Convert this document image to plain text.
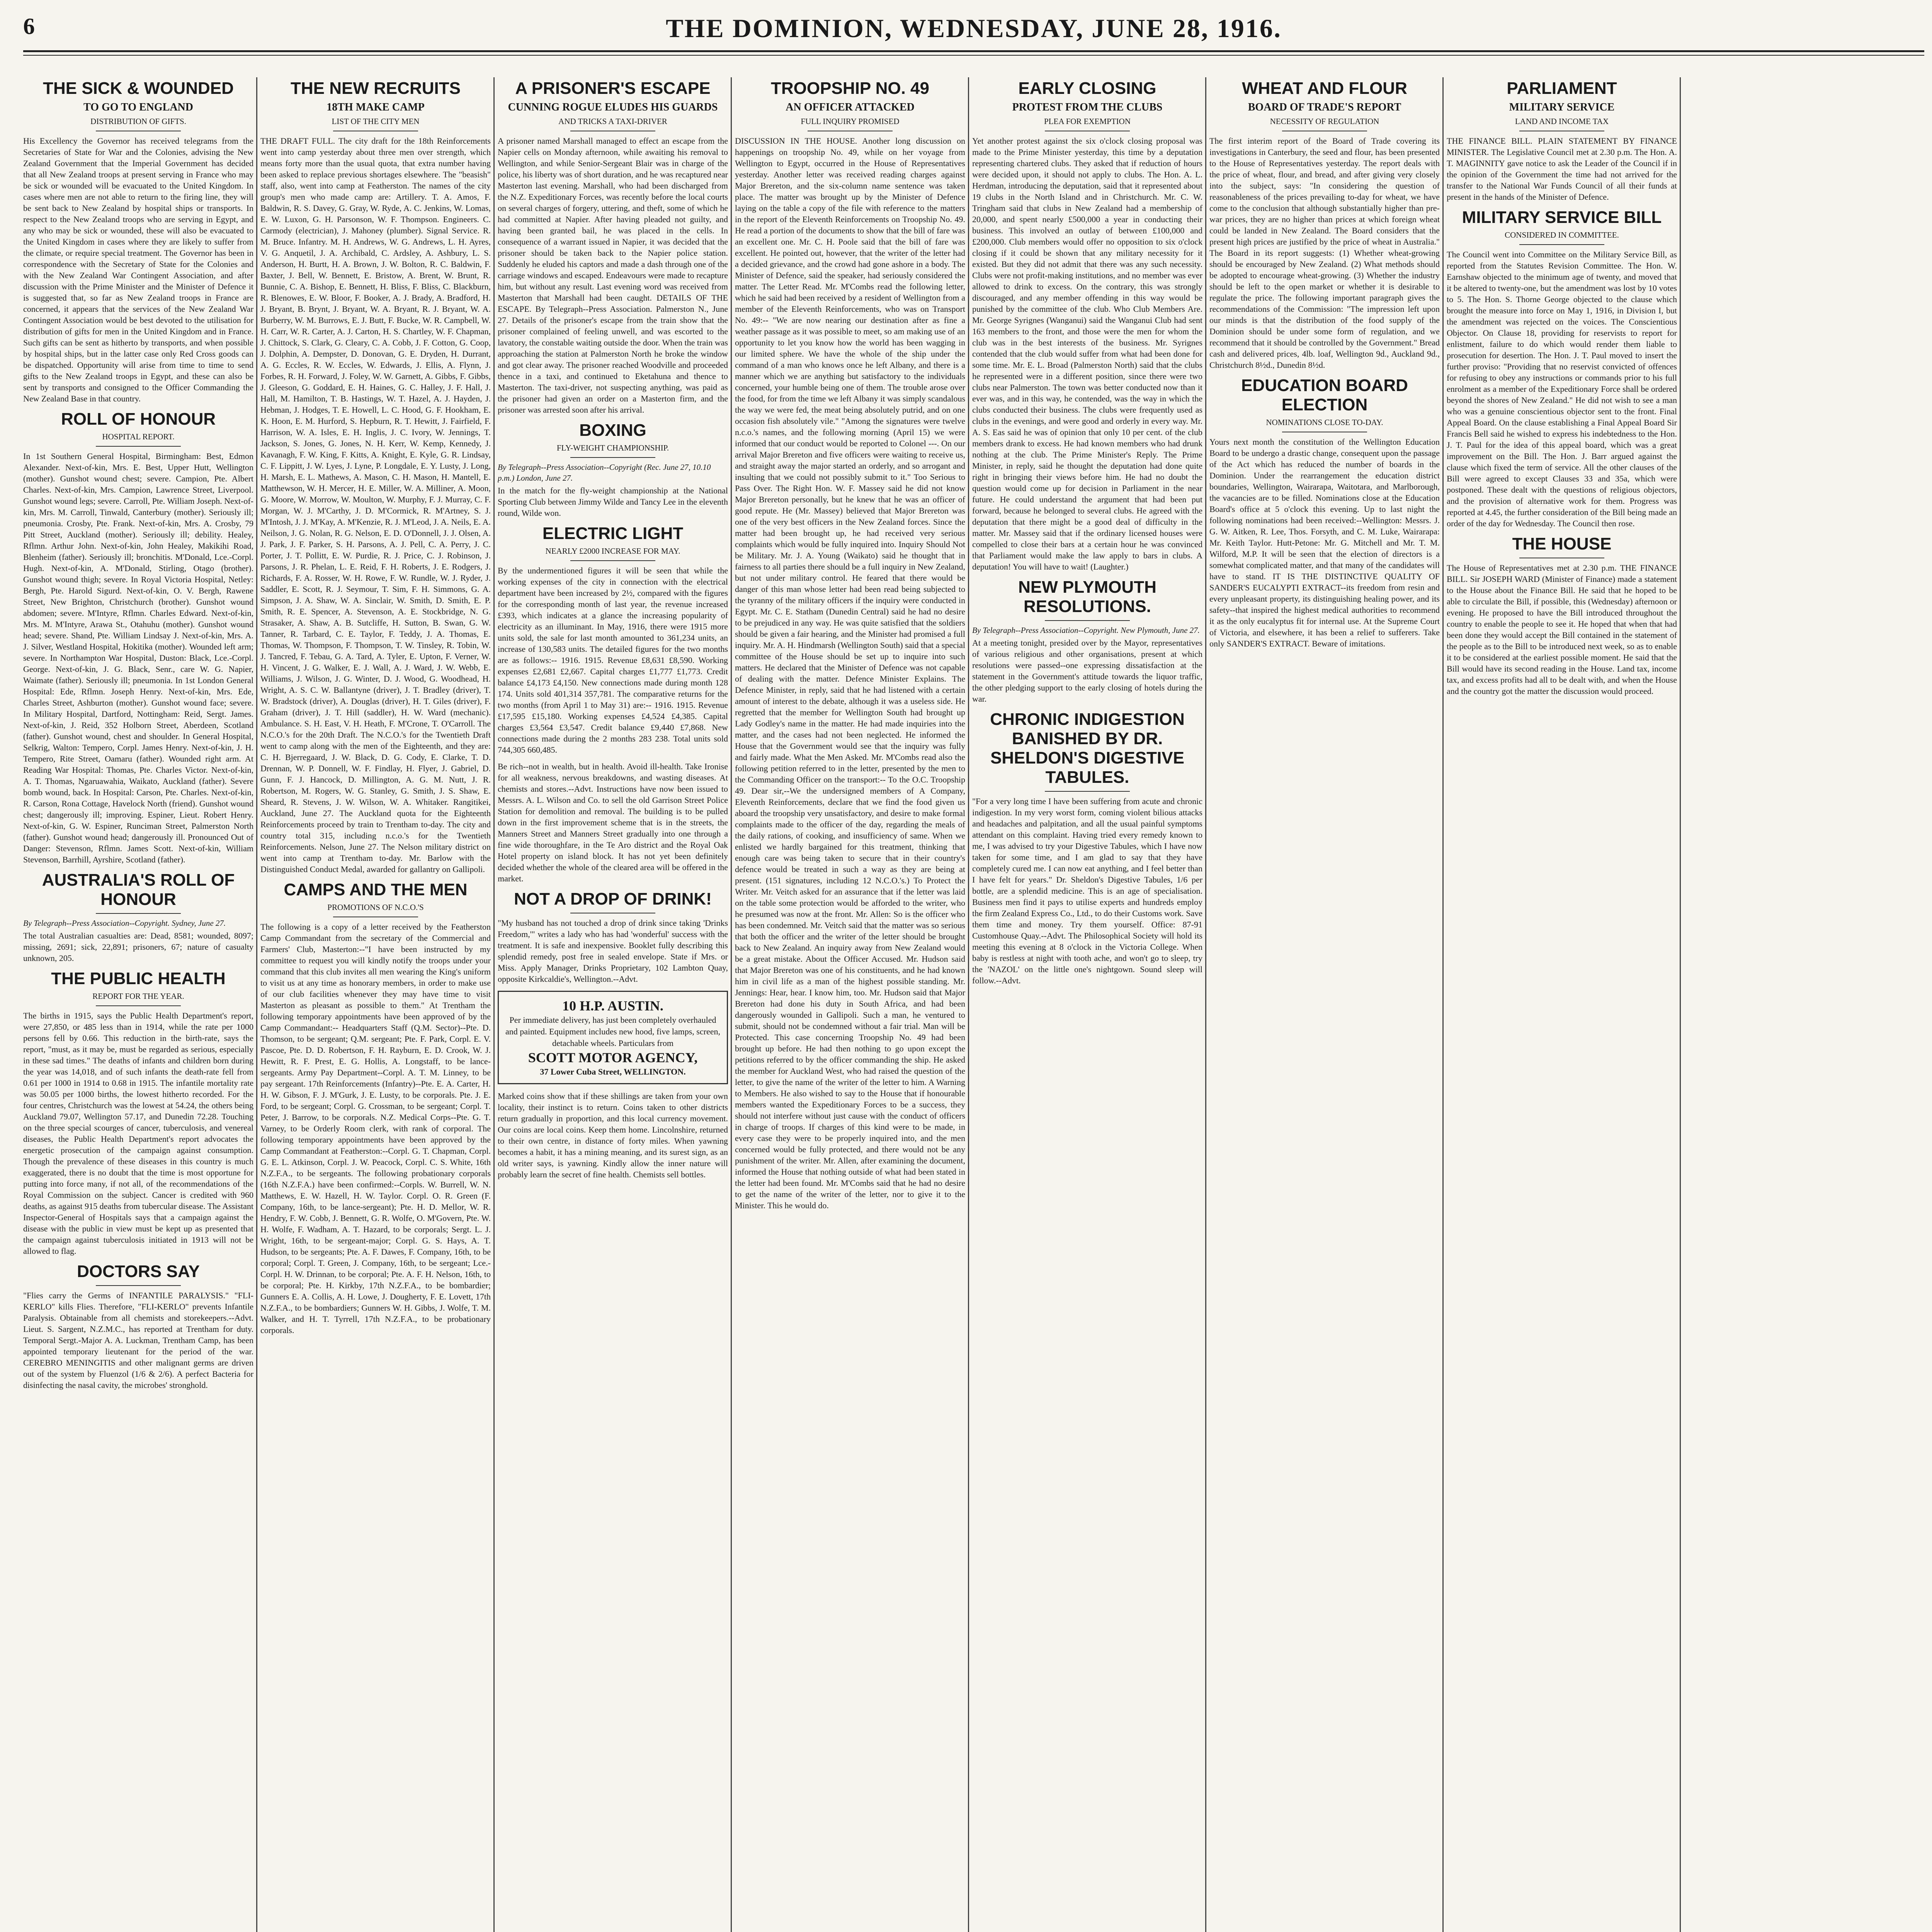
6	THE DOMINION, WEDNESDAY, JUNE 28, 1916.
THE SICK & WOUNDED
TO GO TO ENGLAND
DISTRIBUTION OF GIFTS.

His Excellency the Governor has received telegrams from the Secretaries of State for War and the Colonies, advising the New Zealand Government that the Imperial Government has decided that all New Zealand troops at present serving in France who may be sick or wounded will be evacuated to the United Kingdom. In cases where men are not able to return to the firing line, they will be sent back to New Zealand by hospital ships or transports. In respect to the New Zealand troops who are serving in Egypt, and any who may be sick or wounded, these will also be evacuated to the United Kingdom in cases where they are likely to suffer from the climate, or require special treatment. The Governor has been in correspondence with the Secretary of State for the Colonies and with the New Zealand War Contingent Association, and after discussion with the Prime Minister and the Minister of Defence it is suggested that, so far as New Zealand troops in France are concerned, it appears that the services of the New Zealand War Contingent Association would be best devoted to the utilisation for distribution of gifts for men in the United Kingdom and in France. Such gifts can be sent as hitherto by transports, and when possible by hospital ships, but in the latter case only Red Cross goods can be dispatched. Opportunity will arise from time to time to send gifts to the New Zealand troops in Egypt, and these can also be sent by transports and consigned to the Officer Commanding the New Zealand Base in that country.

ROLL OF HONOUR
HOSPITAL REPORT.

In 1st Southern General Hospital, Birmingham: Best, Edmon Alexander. Next-of-kin, Mrs. E. Best, Upper Hutt, Wellington (mother). Gunshot wound chest; severe. Campion, Pte. Albert Charles. Next-of-kin, Mrs. Campion, Lawrence Street, Liverpool. Gunshot wound legs; severe. Carroll, Pte. William Joseph. Next-of-kin, Mrs. M. Carroll, Tinwald, Canterbury (mother). Seriously ill; pneumonia. Crosby, Pte. Frank. Next-of-kin, Mrs. A. Crosby, 79 Pitt Street, Auckland (mother). Seriously ill; debility. Healey, Rflmn. Arthur John. Next-of-kin, John Healey, Makikihi Road, Blenheim (father). Seriously ill; bronchitis. M'Donald, Lce.-Corpl. Hugh. Next-of-kin, A. M'Donald, Stirling, Otago (brother). Gunshot wound thigh; severe. In Royal Victoria Hospital, Netley: Bergh, Pte. Harold Sigurd. Next-of-kin, O. V. Bergh, Rawene Street, New Brighton, Christchurch (brother). Gunshot wound abdomen; severe. M'Intyre, Rflmn. Charles Edward. Next-of-kin, Mrs. M. M'Intyre, Arawa St., Otahuhu (mother). Gunshot wound head; severe. Shand, Pte. William Lindsay J. Next-of-kin, Mrs. A. J. Silver, Westland Hospital, Hokitika (mother). Wounded left arm; severe. In Northampton War Hospital, Duston: Black, Lce.-Corpl. George. Next-of-kin, J. G. Black, Senr., care W. G. Napier, Waimate (father). Seriously ill; pneumonia. In 1st London General Hospital: Ede, Rflmn. Joseph Henry. Next-of-kin, Mrs. Ede, Charles Street, Ashburton (mother). Gunshot wound face; severe. In Military Hospital, Dartford, Nottingham: Reid, Sergt. James. Next-of-kin, J. Reid, 352 Holborn Street, Aberdeen, Scotland (father). Gunshot wound, chest and shoulder. In General Hospital, Selkrig, Walton: Tempero, Corpl. James Henry. Next-of-kin, J. H. Tempero, Rite Street, Oamaru (father). Wounded right arm. At Reading War Hospital: Thomas, Pte. Charles Victor. Next-of-kin, A. T. Thomas, Ngaruawahia, Waikato, Auckland (father). Severe bomb wound, back. In Hospital: Carson, Pte. Charles. Next-of-kin, R. Carson, Rona Cottage, Havelock North (friend). Gunshot wound chest; dangerously ill; improving. Espiner, Lieut. Robert Henry. Next-of-kin, G. W. Espiner, Runciman Street, Palmerston North (father). Gunshot wound head; dangerously ill. Pronounced Out of Danger: Stevenson, Rflmn. James Scott. Next-of-kin, William Stevenson, Barrhill, Ayrshire, Scotland (father).

AUSTRALIA'S ROLL OF HONOUR
By Telegraph--Press Association--Copyright. Sydney, June 27.

The total Australian casualties are: Dead, 8581; wounded, 8097; missing, 2691; sick, 22,891; prisoners, 67; nature of casualty unknown, 205.

THE PUBLIC HEALTH
REPORT FOR THE YEAR.

The births in 1915, says the Public Health Department's report, were 27,850, or 485 less than in 1914, while the rate per 1000 persons fell by 0.66. This reduction in the birth-rate, says the report, "must, as it may be, must be regarded as serious, especially in these sad times." The deaths of infants and children born during the year was 14,018, and of such infants the death-rate fell from 0.61 per 1000 in 1914 to 0.68 in 1915. The infantile mortality rate was 50.05 per 1000 births, the lowest hitherto recorded. For the four centres, Christchurch was the lowest at 54.24, the others being Auckland 79.07, Wellington 57.17, and Dunedin 72.28. Touching on the three special scourges of cancer, tuberculosis, and venereal diseases, the Public Health Department's report advocates the energetic prosecution of the campaign against consumption. Though the prevalence of these diseases in this country is much exaggerated, there is no doubt that the time is most opportune for putting into force many, if not all, of the recommendations of the Royal Commission on the subject. Cancer is credited with 960 deaths, as against 915 deaths from tubercular disease. The Assistant Inspector-General of Hospitals says that a campaign against the disease with the public in view must be kept up as presented that the campaign against tuberculosis initiated in 1913 will not be allowed to flag.

DOCTORS SAY

"Flies carry the Germs of INFANTILE PARALYSIS." "FLI-KERLO" kills Flies. Therefore, "FLI-KERLO" prevents Infantile Paralysis. Obtainable from all chemists and storekeepers.--Advt. Lieut. S. Sargent, N.Z.M.C., has reported at Trentham for duty. Temporal Sergt.-Major A. A. Luckman, Trentham Camp, has been appointed temporary lieutenant for the period of the war. CEREBRO MENINGITIS and other malignant germs are driven out of the system by Fluenzol (1/6 & 2/6). A perfect Bacteria for disinfecting the nasal cavity, the microbes' stronghold.

THE NEW RECRUITS
18TH MAKE CAMP
LIST OF THE CITY MEN

THE DRAFT FULL. The city draft for the 18th Reinforcements went into camp yesterday about three men over strength, which means forty more than the usual quota, that extra number having been asked to replace previous shortages elsewhere. The "beasish" staff, also, went into camp at Featherston. The names of the city group's men who made camp are: Artillery. T. A. Amos, F. Baldwin, R. S. Davey, G. Gray, W. Ryde, A. C. Jenkins, W. Lomas, E. W. Luxon, G. H. Parsonson, W. F. Thompson. Engineers. C. Carmody (electrician), J. Mahoney (plumber). Signal Service. R. M. Bruce. Infantry. M. H. Andrews, W. G. Andrews, L. H. Ayres, V. G. Anquetil, J. A. Archibald, C. Ardsley, A. Ashbury, L. S. Anderson, H. Burtt, H. A. Brown, J. W. Bolton, R. C. Baldwin, F. Baxter, J. Bell, W. Bennett, E. Bristow, A. Brent, W. Brunt, R. Bunnie, C. A. Bishop, E. Bennett, H. Bliss, F. Bliss, C. Blackburn, R. Blenowes, E. W. Bloor, F. Booker, A. J. Brady, A. Bradford, H. J. Bryant, B. Brynt, J. Bryant, W. A. Bryant, R. J. Bryant, W. A. Burberry, W. M. Burrows, E. J. Butt, F. Bucke, W. R. Campbell, W. H. Carr, W. R. Carter, A. J. Carton, H. S. Chartley, W. F. Chapman, J. Chittock, S. Clark, G. Cleary, C. A. Cobb, J. F. Cotton, G. Coop, J. Dolphin, A. Dempster, D. Donovan, G. E. Dryden, H. Durrant, A. G. Eccles, R. W. Eccles, W. Edwards, J. Ellis, A. Flynn, J. Forbes, R. H. Forward, J. Foley, W. W. Garnett, A. Gibbs, F. Gibbs, J. Gleeson, G. Goddard, E. H. Haines, G. C. Halley, J. F. Hall, J. Hall, M. Hamilton, T. B. Hastings, W. T. Hazel, A. J. Hayden, J. Hebman, J. Hodges, T. E. Howell, L. C. Hood, G. F. Hookham, E. K. Hoon, E. M. Hurford, S. Hepburn, R. T. Hewitt, J. Fairfield, F. Harrison, W. A. Isles, E. H. Inglis, J. C. Ivory, W. Jennings, T. Jackson, S. Jones, G. Jones, N. H. Kerr, W. Kemp, Kennedy, J. Kavanagh, F. W. King, F. Kitts, A. Knight, E. Kyle, G. R. Lindsay, C. F. Lippitt, J. W. Lyes, J. Lyne, P. Longdale, E. Y. Lusty, J. Long, H. Marsh, E. L. Mathews, A. Mason, C. H. Mason, H. Mantell, E. Matthewson, W. H. Mercer, H. E. Miller, W. A. Milliner, A. Moon, G. Moore, W. Morrow, W. Moulton, W. Murphy, F. J. Murray, C. F. Morgan, W. J. M'Carthy, J. D. M'Cormick, R. M'Artney, S. J. M'Intosh, J. J. M'Kay, A. M'Kenzie, R. J. M'Leod, J. A. Neils, E. A. Neilson, J. G. Nolan, R. G. Nelson, E. D. O'Donnell, J. J. Olsen, A. J. Park, J. F. Parker, S. H. Parsons, A. J. Pell, C. A. Perry, J. C. Porter, J. T. Pollitt, E. W. Purdie, R. J. Price, C. J. Robinson, J. Parsons, J. R. Phelan, L. E. Reid, F. H. Roberts, J. E. Rodgers, J. Richards, F. A. Rosser, W. H. Rowe, F. W. Rundle, W. J. Ryder, J. Saddler, E. Scott, R. J. Seymour, T. Sim, F. H. Simmons, G. A. Simpson, J. A. Shaw, W. A. Sinclair, W. Smith, D. Smith, E. P. Smith, R. E. Spencer, A. Stevenson, A. E. Stockbridge, N. G. Strasaker, A. Shaw, A. B. Sutcliffe, H. Sutton, B. Swan, G. W. Tanner, R. Tarbard, C. E. Taylor, F. Teddy, J. A. Thomas, E. Thomas, W. Thompson, F. Thompson, T. W. Tinsley, R. Tobin, W. J. Tancred, F. Tebau, G. A. Tard, A. Tyler, E. Upton, F. Verner, W. H. Vincent, J. G. Walker, E. J. Wall, A. J. Ward, J. W. Webb, E. Williams, J. Wilson, J. G. Winter, D. J. Wood, G. Woodhead, H. Wright, A. S. C. W. Ballantyne (driver), J. T. Bradley (driver), T. W. Bradstock (driver), A. Douglas (driver), H. T. Giles (driver), F. Graham (driver), J. T. Hill (saddler), H. W. Ward (mechanic). Ambulance. S. H. East, V. H. Heath, F. M'Crone, T. O'Carroll. The N.C.O.'s for the 20th Draft. The N.C.O.'s for the Twentieth Draft went to camp along with the men of the Eighteenth, and they are: C. H. Bjerregaard, J. W. Black, D. G. Cody, E. Clarke, T. D. Drennan, W. P. Donnell, W. F. Findlay, H. Flyer, J. Gabriel, D. Gunn, F. J. Hancock, D. Millington, A. G. M. Nutt, J. R. Robertson, M. Rogers, W. G. Stanley, G. Smith, J. S. Shaw, E. Sheard, R. Stevens, J. W. Wilson, W. A. Whitaker. Rangitikei, Auckland, June 27. The Auckland quota for the Eighteenth Reinforcements proceed by train to Trentham to-day. The city and country total 315, including n.c.o.'s for the Twentieth Reinforcements. Nelson, June 27. The Nelson military district on went into camp at Trentham to-day. Mr. Barlow with the Distinguished Conduct Medal, awarded for gallantry on Gallipoli.

CAMPS AND THE MEN
PROMOTIONS OF N.C.O.'S

The following is a copy of a letter received by the Featherston Camp Commandant from the secretary of the Commercial and Farmers' Club, Masterton:--"I have been instructed by my committee to request you will kindly notify the troops under your command that this club invites all men wearing the King's uniform to visit us at any time as honorary members, in order to make use of our club facilities whenever they may have time to visit Masterton as pleasant as possible to them." At Trentham the following temporary appointments have been approved of by the Camp Commandant:-- Headquarters Staff (Q.M. Sector)--Pte. D. Thomson, to be sergeant; Q.M. sergeant; Pte. F. Park, Corpl. E. V. Pascoe, Pte. D. D. Robertson, F. H. Rayburn, E. D. Crook, W. J. Hewitt, R. F. Prest, E. G. Hollis, A. Longstaff, to be lance-sergeants. Army Pay Department--Corpl. A. T. M. Linney, to be pay sergeant. 17th Reinforcements (Infantry)--Pte. E. A. Carter, H. H. W. Gibson, F. J. M'Gurk, J. E. Lusty, to be corporals. Pte. J. E. Ford, to be sergeant; Corpl. G. Crossman, to be sergeant; Corpl. T. Peter, J. Barrow, to be corporals. N.Z. Medical Corps--Pte. G. T. Varney, to be Orderly Room clerk, with rank of corporal. The following temporary appointments have been approved by the Camp Commandant at Featherston:--Corpl. G. T. Chapman, Corpl. G. E. L. Atkinson, Corpl. J. W. Peacock, Corpl. C. S. White, 16th N.Z.F.A., to be sergeants. The following probationary corporals (16th N.Z.F.A.) have been confirmed:--Corpls. W. Burrell, W. N. Matthews, E. W. Hazell, H. W. Taylor. Corpl. O. R. Green (F. Company, 16th, to be lance-sergeant); Pte. H. D. Mellor, W. R. Hendry, F. W. Cobb, J. Bennett, G. R. Wolfe, O. M'Govern, Pte. W. H. Wolfe, F. Wadham, A. T. Hazard, to be corporals; Sergt. L. J. Wright, 16th, to be sergeant-major; Corpl. G. S. Hays, A. T. Hudson, to be sergeants; Pte. A. F. Dawes, F. Company, 16th, to be corporal; Corpl. T. Green, J. Company, 16th, to be sergeant; Lce.-Corpl. H. W. Drinnan, to be corporal; Pte. A. F. H. Nelson, 16th, to be corporal; Pte. H. Kirkby, 17th N.Z.F.A., to be bombardier; Gunners E. A. Collis, A. H. Lowe, J. Dougherty, F. E. Lovett, 17th N.Z.F.A., to be bombardiers; Gunners W. H. Gibbs, J. Wolfe, T. M. Walker, and H. T. Tyrrell, 17th N.Z.F.A., to be probationary corporals.

A PRISONER'S ESCAPE
CUNNING ROGUE ELUDES HIS GUARDS
AND TRICKS A TAXI-DRIVER

A prisoner named Marshall managed to effect an escape from the Napier cells on Monday afternoon, while awaiting his removal to Wellington, and while Senior-Sergeant Blair was in charge of the police, his liberty was of short duration, and he was recaptured near Masterton last evening. Marshall, who had been discharged from the N.Z. Expeditionary Forces, was recently before the local courts on several charges of forgery, uttering, and theft, some of which he had committed at Napier. After having pleaded not guilty, and having been granted bail, he was placed in the cells. In consequence of a warrant issued in Napier, it was decided that the prisoner should be taken back to the Napier police station. Suddenly he eluded his captors and made a dash through one of the carriage windows and escaped. Endeavours were made to recapture him, but without any result. Last evening word was received from Masterton that Marshall had been caught. DETAILS OF THE ESCAPE. By Telegraph--Press Association. Palmerston N., June 27. Details of the prisoner's escape from the train show that the prisoner complained of feeling unwell, and was escorted to the lavatory, the constable waiting outside the door. When the train was approaching the station at Palmerston North he broke the window and got clear away. The prisoner reached Woodville and proceeded thence in a taxi, and continued to Eketahuna and thence to Masterton. The taxi-driver, not suspecting anything, was paid as the prisoner had given an order on a Masterton firm, and the prisoner was arrested soon after his arrival.

BOXING
FLY-WEIGHT CHAMPIONSHIP.
By Telegraph--Press Association--Copyright (Rec. June 27, 10.10 p.m.) London, June 27.

In the match for the fly-weight championship at the National Sporting Club between Jimmy Wilde and Tancy Lee in the eleventh round, Wilde won.

ELECTRIC LIGHT
NEARLY £2000 INCREASE FOR MAY.

By the undermentioned figures it will be seen that while the working expenses of the city in connection with the electrical department have been increased by 2½, compared with the figures for the corresponding month of last year, the revenue increased £393, which indicates at a glance the increasing popularity of electricity as an illuminant. In May, 1916, there were 1915 more units sold, the sale for last month amounted to 361,234 units, an increase of 130,583 units. The detailed figures for the two months are as follows:-- 1916. 1915. Revenue £8,631 £8,590. Working expenses £2,681 £2,667. Capital charges £1,777 £1,773. Credit balance £4,173 £4,150. New connections made during month 128 174. Units sold 401,314 357,781. The comparative returns for the two months (from April 1 to May 31) are:-- 1916. 1915. Revenue £17,595 £15,180. Working expenses £4,524 £4,385. Capital charges £3,564 £3,547. Credit balance £9,440 £7,868. New connections made during the 2 months 283 238. Total units sold 744,305 660,485.

Be rich--not in wealth, but in health. Avoid ill-health. Take Ironise for all weakness, nervous breakdowns, and wasting diseases. At chemists and stores.--Advt. Instructions have now been issued to Messrs. A. L. Wilson and Co. to sell the old Garrison Street Police Station for demolition and removal. The building is to be pulled down in the first improvement scheme that is in the streets, the Manners Street and Manners Street gradually into one through a fine wide thoroughfare, in the Te Aro district and the Royal Oak Hotel property on island block. It has not yet been definitely decided whether the whole of the cleared area will be offered in the market.

NOT A DROP OF DRINK!

"My husband has not touched a drop of drink since taking 'Drinks Freedom,'" writes a lady who has had 'wonderful' success with the treatment. It is safe and inexpensive. Booklet fully describing this splendid remedy, post free in sealed envelope. State if Mrs. or Miss. Apply Manager, Drinks Proprietary, 102 Lambton Quay, opposite Kirkcaldie's, Wellington.--Advt.

10 H.P. AUSTIN.
Per immediate delivery, has just been completely overhauled and painted. Equipment includes new hood, five lamps, screen, detachable wheels. Particulars from
SCOTT MOTOR AGENCY,
37 Lower Cuba Street, WELLINGTON.

Marked coins show that if these shillings are taken from your own locality, their instinct is to return. Coins taken to other districts return gradually in proportion, and this local currency movement. Our coins are local coins. Keep them home. Lincolnshire, returned to their own centre, in distance of forty miles. When yawning becomes a habit, it has a mining meaning, and its surest sign, as an old writer says, is yawning. Kindly allow the inner nature will probably learn the secret of fine health. Chemists sell bottles.

TROOPSHIP NO. 49
AN OFFICER ATTACKED
FULL INQUIRY PROMISED

DISCUSSION IN THE HOUSE. Another long discussion on happenings on troopship No. 49, while on her voyage from Wellington to Egypt, occurred in the House of Representatives yesterday. Another letter was received reading charges against Major Brereton, and the six-column name sentence was taken place. The matter was brought up by the Minister of Defence laying on the table a copy of the file with reference to the matters in the report of the Eleventh Reinforcements on Troopship No. 49. He read a portion of the documents to show that the bill of fare was an excellent one. Mr. C. H. Poole said that the bill of fare was excellent. He pointed out, however, that the writer of the letter had a decided grievance, and the crowd had gone ashore in a body. The Minister of Defence, said the speaker, had seriously considered the matter. The Letter Read. Mr. M'Combs read the following letter, which he said had been received by a resident of Wellington from a member of the Eleventh Reinforcements, who was on Transport No. 49:-- "We are now nearing our destination after as fine a weather passage as it was possible to meet, so am making use of an opportunity to let you know how the world has been wagging in our limited sphere. We have the whole of the ship under the command of a man who knows once he left Albany, and there is a manner which we are anything but satisfactory to the individuals concerned, your humble being one of them. The trouble arose over the food, for from the time we left Albany it was simply scandalous the way we were fed, the meat being absolutely putrid, and on one occasion fish absolutely vile." "Among the signatures were twelve n.c.o.'s names, and the following morning (April 15) we were informed that our conduct would be reported to Colonel ---. On our arrival Major Brereton and five officers were waiting to receive us, and straight away the major started an orderly, and so arrogant and insulting that we could not possibly submit to it." Too Serious to Pass Over. The Right Hon. W. F. Massey said he did not know Major Brereton personally, but he knew that he was an officer of good repute. He (Mr. Massey) believed that Major Brereton was one of the very best officers in the New Zealand forces. Since the matter had been brought up, he had received very serious complaints which would be fully inquired into. Inquiry Should Not be Military. Mr. J. A. Young (Waikato) said he thought that in fairness to all parties there should be a full inquiry in New Zealand, but not under military control. He feared that there would be danger of this man whose letter had been read being subjected to the tyranny of the military officers if the inquiry were conducted in Egypt. Mr. C. E. Statham (Dunedin Central) said he had no desire to be prejudiced in any way. He was quite satisfied that the soldiers should be given a fair hearing, and the Minister had promised a full inquiry. Mr. A. H. Hindmarsh (Wellington South) said that a special committee of the House should be set up to inquire into such matters. He declared that the Minister of Defence was not capable of dealing with the matter. Defence Minister Explains. The Defence Minister, in reply, said that he had listened with a certain amount of interest to the debate, although it was a useless side. He regretted that the member for Wellington South had brought up Lady Godley's name in the matter. He had made inquiries into the matter, and the cases had not been neglected. He informed the House that the Government would see that the inquiry was fully and fairly made. What the Men Asked. Mr. M'Combs read also the following petition referred to in the letter, presented by the men to the Commanding Officer on the transport:-- To the O.C. Troopship 49. Dear sir,--We the undersigned members of A Company, Eleventh Reinforcements, declare that we find the food given us aboard the troopship very unsatisfactory, and desire to make formal complaints made to the officer of the day, regarding the meals of the daily rations, of cooking, and insufficiency of same. When we enlisted we hardly bargained for this treatment, thinking that enough care was being taken to secure that in their country's defence would be treated in such a way as they are being at present. (151 signatures, including 12 N.C.O.'s.) To Protect the Writer. Mr. Veitch asked for an assurance that if the letter was laid on the table some protection would be afforded to the writer, who he presumed was now at the front. Mr. Allen: So is the officer who has been condemned. Mr. Veitch said that the matter was so serious that both the officer and the writer of the letter should be brought back to New Zealand. An inquiry away from New Zealand would be a great mistake. About the Officer Accused. Mr. Hudson said that Major Brereton was one of his constituents, and he had known him in civil life as a man of the highest possible standing. Mr. Jennings: Hear, hear. I know him, too. Mr. Hudson said that Major Brereton had done his duty in South Africa, and had been dangerously wounded in Gallipoli. Such a man, he ventured to submit, should not be condemned without a fair trial. Man will be Protected. This case concerning Troopship No. 49 had been brought up before. He had then nothing to go upon except the petitions referred to by the officer commanding the ship. He asked the member for Auckland West, who had raised the question of the letter, to give the name of the writer of the letter to him. A Warning to Members. He also wished to say to the House that if honourable members wanted the Expeditionary Forces to be a success, they should not interfere without just cause with the conduct of officers in charge of troops. If charges of this kind were to be made, in every case they were to be properly inquired into, and the men concerned would be fully protected, and there would not be any punishment of the writer. Mr. Allen, after examining the document, informed the House that nothing outside of what had been stated in the letter had been found. Mr. M'Combs said that he had no desire to get the name of the writer of the letter, nor to give it to the Minister. This he would do.

EARLY CLOSING
PROTEST FROM THE CLUBS
PLEA FOR EXEMPTION

Yet another protest against the six o'clock closing proposal was made to the Prime Minister yesterday, this time by a deputation representing chartered clubs. They asked that if reduction of hours were decided upon, it should not apply to clubs. The Hon. A. L. Herdman, introducing the deputation, said that it represented about 19 clubs in the North Island and in Christchurch. Mr. C. W. Tringham said that clubs in New Zealand had a membership of 20,000, and spent nearly £500,000 a year in conducting their business. This involved an outlay of between £100,000 and £200,000. Club members would offer no opposition to six o'clock closing if it could be shown that any military necessity for it existed. But they did not admit that there was any such necessity. Clubs were not profit-making institutions, and no member was ever allowed to drink to excess. On the contrary, this was strongly discouraged, and any member offending in this way would be punished by the committee of the club. Who Club Members Are. Mr. George Syrignes (Wanganui) said the Wanganui Club had sent 163 members to the front, and those were the men for whom the club was in the best interests of the business. Mr. Syrignes contended that the club would suffer from what had been done for some time. Mr. E. L. Broad (Palmerston North) said that the clubs he represented were in a different position, since there were two clubs near Palmerston. The town was better conducted now than it ever was, and in this way, he contended, was the way in which the clubs conducted their business. The clubs were frequently used as clubs in the evenings, and were good and orderly in every way. Mr. A. S. Eas said he was of opinion that only 10 per cent. of the club members drank to excess. He had known members who had drunk nothing at the club. The Prime Minister's Reply. The Prime Minister, in reply, said he thought the deputation had done quite right in bringing their views before him. He had no doubt the question would come up for decision in Parliament in the near future. He could understand the argument that had been put forward, because he belonged to several clubs. He agreed with the deputation that there might be a good deal of difficulty in the matter. Mr. Massey said that if the ordinary licensed houses were compelled to close their bars at a certain hour he was convinced that Parliament would make the law apply to bars in clubs. A deputation! You will have to wait! (Laughter.)

NEW PLYMOUTH RESOLUTIONS.
By Telegraph--Press Association--Copyright. New Plymouth, June 27.

At a meeting tonight, presided over by the Mayor, representatives of various religious and other organisations, present at which resolutions were passed--one expressing dissatisfaction at the statement in the Government's attitude towards the liquor traffic, the other pledging support to the early closing of hotels during the war.

CHRONIC INDIGESTION BANISHED BY DR. SHELDON'S DIGESTIVE TABULES.

"For a very long time I have been suffering from acute and chronic indigestion. In my very worst form, coming violent bilious attacks and headaches and palpitation, and all the usual painful symptoms attendant on this complaint. Having tried every remedy known to me, I was advised to try your Digestive Tabules, which I have now taken for some time, and I am glad to say that they have completely cured me. I can now eat anything, and I feel better than I have felt for years." Dr. Sheldon's Digestive Tabules, 1/6 per bottle, are a splendid medicine. This is an age of specialisation. Business men find it pays to utilise experts and hundreds employ the firm Zealand Express Co., Ltd., to do their Customs work. Save them time and money. Try them yourself. Office: 87-91 Customhouse Quay.--Advt. The Philosophical Society will hold its meeting this evening at 8 o'clock in the Victoria College. When baby is restless at night with tooth ache, and won't go to sleep, try the 'NAZOL' on the little one's nightgown. Sound sleep will follow.--Advt.

WHEAT AND FLOUR
BOARD OF TRADE'S REPORT
NECESSITY OF REGULATION

The first interim report of the Board of Trade covering its investigations in Canterbury, the seed and flour, has been presented to the House of Representatives yesterday. The report deals with the price of wheat, flour, and bread, and after giving very closely into the subject, says: "In considering the question of reasonableness of the prices prevailing to-day for wheat, we have come to the conclusion that although substantially higher than pre-war prices, they are no higher than prices at which foreign wheat could be landed in New Zealand. The Board considers that the present high prices are justified by the price of wheat in Australia." The Board in its report suggests: (1) Whether wheat-growing should be encouraged by New Zealand. (2) What methods should be adopted to encourage wheat-growing. (3) Whether the industry should be left to the open market or whether it is desirable to regulate the price. The following important paragraph gives the recommendations of the Commission: "The impression left upon our minds is that the distribution of the food supply of the Dominion should be under some form of regulation, and we recommend that it should be controlled by the Government." Bread cash and delivered prices, 4lb. loaf, Wellington 9d., Auckland 9d., Christchurch 8½d., Dunedin 8½d.

EDUCATION BOARD ELECTION
NOMINATIONS CLOSE TO-DAY.

Yours next month the constitution of the Wellington Education Board to be undergo a drastic change, consequent upon the passage of the Act which has reduced the number of boards in the Dominion. Under the rearrangement the education district boundaries, Wellington, Wairarapa, Waitotara, and Marlborough, the vacancies are to be filled. Nominations close at the Education Board's office at 5 o'clock this evening. Up to last night the following nominations had been received:--Wellington: Messrs. J. G. W. Aitken, R. Lee, Thos. Forsyth, and C. M. Luke, Wairarapa: Mr. Keith Taylor. Hutt-Petone: Mr. G. Mitchell and Mr. T. M. Wilford, M.P. It will be seen that the election of directors is a somewhat complicated matter, and that many of the candidates will have to stand. IT IS THE DISTINCTIVE QUALITY OF SANDER'S EUCALYPTI EXTRACT--its freedom from resin and every unpleasant property, its distinguishing healing power, and its safety--that inspired the highest medical authorities to recommend it as the only eucalyptus fit for internal use. At the Supreme Court of Victoria, and elsewhere, it has been a relief to sufferers. Take only SANDER'S EXTRACT. Beware of imitations.

PARLIAMENT
MILITARY SERVICE
LAND AND INCOME TAX

THE FINANCE BILL. PLAIN STATEMENT BY FINANCE MINISTER. The Legislative Council met at 2.30 p.m. The Hon. A. T. MAGINNITY gave notice to ask the Leader of the Council if in the opinion of the Government the time had not arrived for the transfer to the National War Funds Council of all their funds at present in the hands of the Minister of Defence.

MILITARY SERVICE BILL
CONSIDERED IN COMMITTEE.

The Council went into Committee on the Military Service Bill, as reported from the Statutes Revision Committee. The Hon. W. Earnshaw objected to the minimum age of twenty, and moved that it be altered to twenty-one, but the amendment was lost by 10 votes to 5. The Hon. S. Thorne George objected to the clause which brought the measure into force on May 1, 1916, in Division I, but the amendment was rejected on the voices. The Conscientious Objector. On Clause 18, providing for reservists to report for enlistment, failure to do which would render them liable to prosecution for desertion. The Hon. J. T. Paul moved to insert the further proviso: "Providing that no reservist convicted of offences for refusing to obey any instructions or commands prior to his full enrolment as a member of the Expeditionary Force shall be ordered beyond the shores of New Zealand." He did not wish to see a man who was a genuine conscientious objector sent to the front. Final Appeal Board. On the clause establishing a Final Appeal Board Sir Francis Bell said he wished to express his indebtedness to the Hon. J. T. Paul for the idea of this appeal board, which was a great improvement on the Bill. The Hon. J. Barr argued against the clause which fixed the term of service. All the other clauses of the Bill were agreed to except Clauses 33 and 35a, which were postponed. These dealt with the questions of religious objectors, and the provision of alternative work for them. Progress was reported at 4.45, the further consideration of the Bill being made an order of the day for Wednesday. The Council then rose.

THE HOUSE

The House of Representatives met at 2.30 p.m. THE FINANCE BILL. Sir JOSEPH WARD (Minister of Finance) made a statement to the House about the Finance Bill. He said that he hoped to be able to circulate the Bill, if possible, this (Wednesday) afternoon or evening. He proposed to have the Bill introduced throughout the country to enable the people to see it. He hoped that when that had been done they would accept the Bill contained in the statement of the people as to the Bill to be introduced next week, so as to enable it to be considered at the earliest possible moment. He said that the Bill would have its second reading in the House. Land tax, income tax, and excess profits had all to be dealt with, and when the House and the country got the matter the discussion would proceed.
